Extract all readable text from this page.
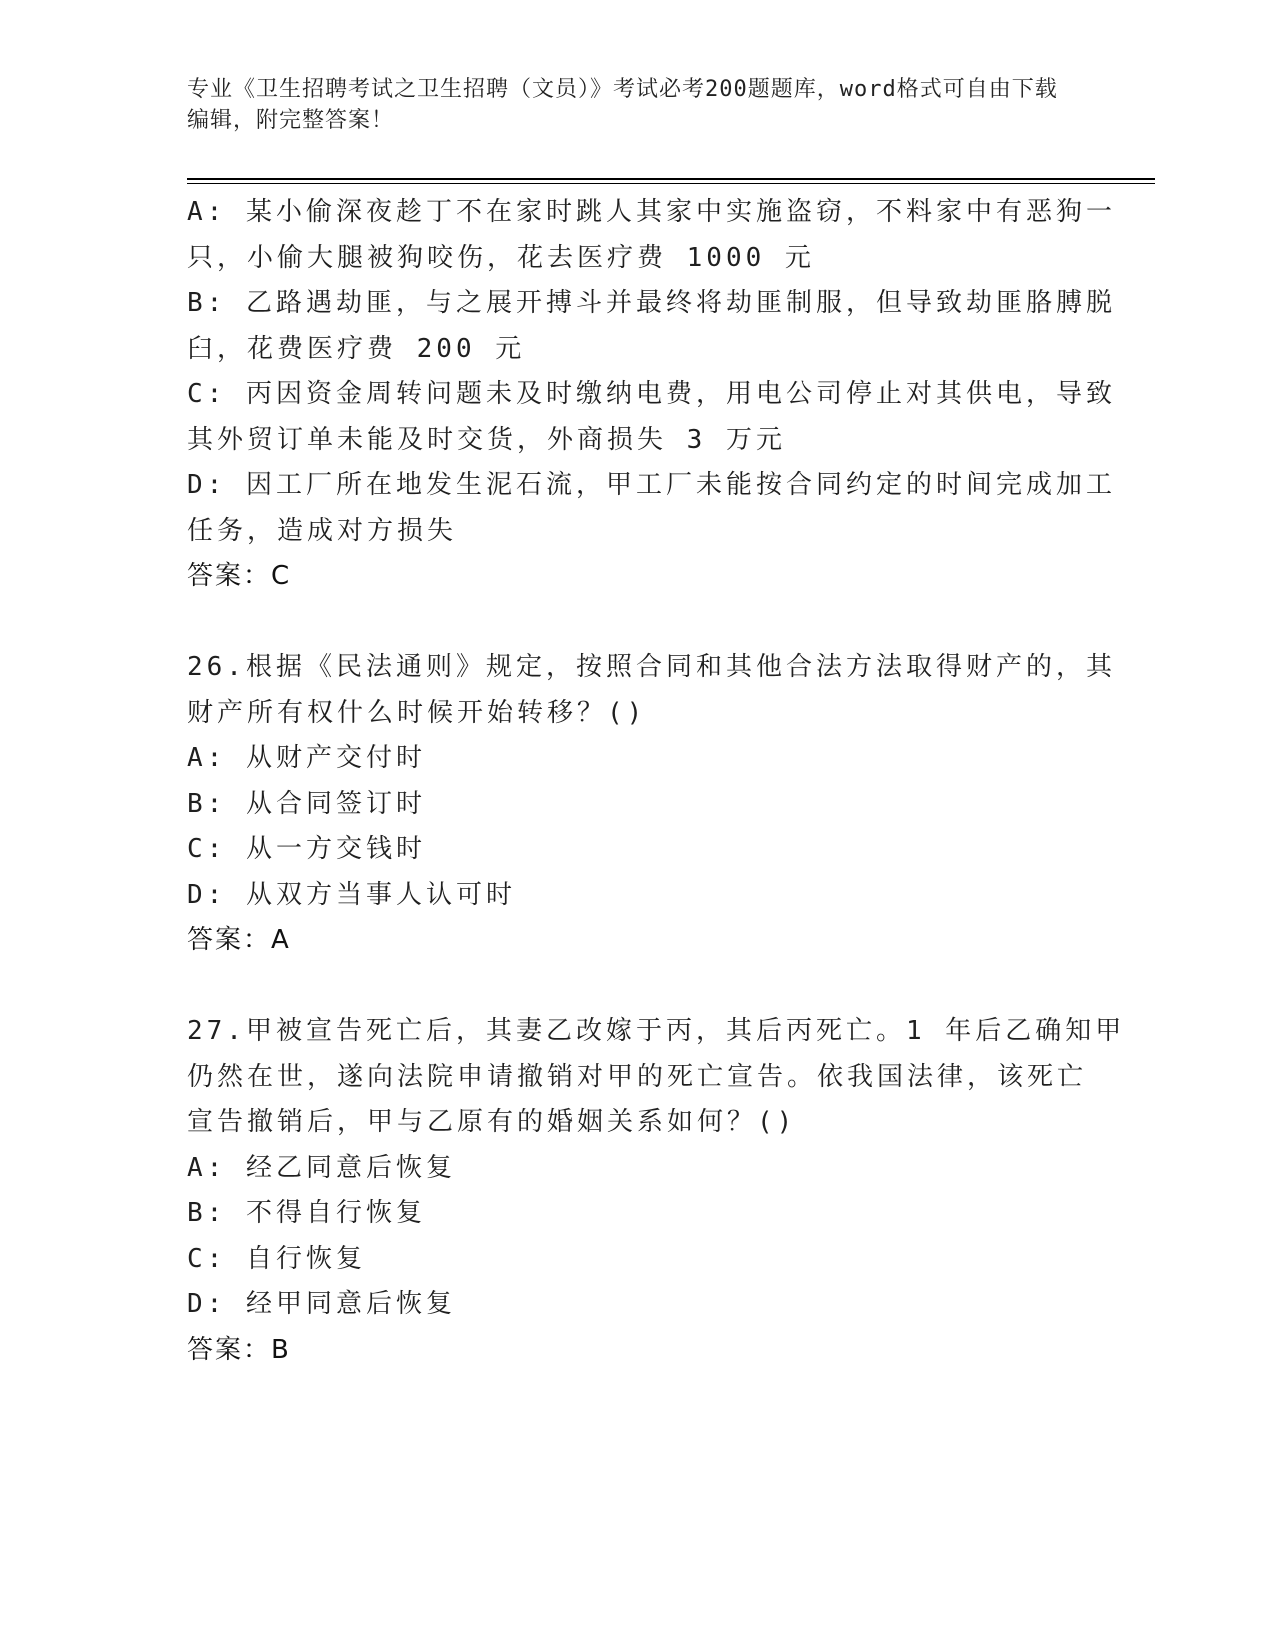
专业《卫生招聘考试之卫生招聘（文员）》考试必考200题题库，word格式可自由下载编辑，附完整答案！
A: 某小偷深夜趁丁不在家时跳人其家中实施盗窃，不料家中有恶狗一
只，小偷大腿被狗咬伤，花去医疗费 1000 元
B: 乙路遇劫匪，与之展开搏斗并最终将劫匪制服，但导致劫匪胳膊脱
臼，花费医疗费 200 元
C: 丙因资金周转问题未及时缴纳电费，用电公司停止对其供电，导致
其外贸订单未能及时交货，外商损失 3 万元
D: 因工厂所在地发生泥石流，甲工厂未能按合同约定的时间完成加工
任务，造成对方损失
答案：C
26.根据《民法通则》规定，按照合同和其他合法方法取得财产的，其
财产所有权什么时候开始转移？()
A: 从财产交付时
B: 从合同签订时
C: 从一方交钱时
D: 从双方当事人认可时
答案：A
27.甲被宣告死亡后，其妻乙改嫁于丙，其后丙死亡。1 年后乙确知甲
仍然在世，遂向法院申请撤销对甲的死亡宣告。依我国法律，该死亡
宣告撤销后，甲与乙原有的婚姻关系如何？()
A: 经乙同意后恢复
B: 不得自行恢复
C: 自行恢复
D: 经甲同意后恢复
答案：B
